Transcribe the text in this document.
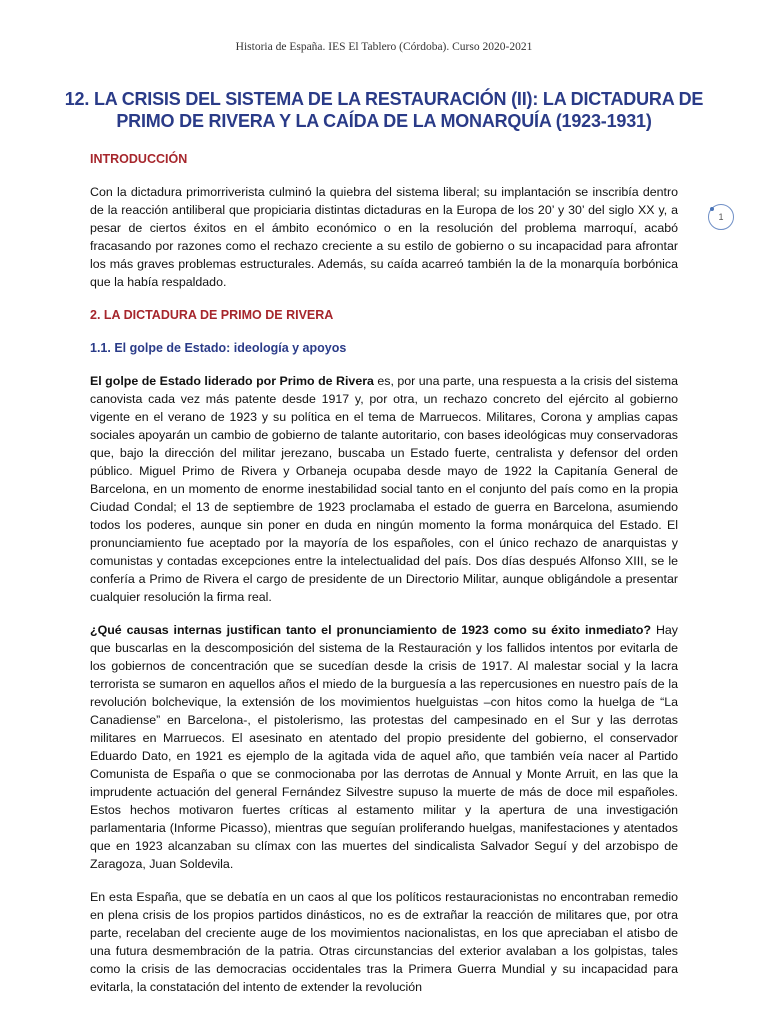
Historia de España. IES El Tablero (Córdoba). Curso 2020-2021
12. LA CRISIS DEL SISTEMA DE LA RESTAURACIÓN (II): LA DICTADURA DE
PRIMO DE RIVERA Y LA CAÍDA DE LA MONARQUÍA (1923-1931)
1
INTRODUCCIÓN

Con la dictadura primorriverista culminó la quiebra del sistema liberal; su implantación se inscribía dentro de la reacción antiliberal que propiciaria distintas dictaduras en la Europa de los 20’ y 30’ del siglo XX y, a pesar de ciertos éxitos en el ámbito económico o en la resolución del problema marroquí, acabó fracasando por razones como el rechazo creciente a su estilo de gobierno o su incapacidad para afrontar los más graves problemas estructurales. Además, su caída acarreó también la de la monarquía borbónica que la había respaldado.

2. LA DICTADURA DE PRIMO DE RIVERA
1.1. El golpe de Estado: ideología y apoyos

El golpe de Estado liderado por Primo de Rivera es, por una parte, una respuesta a la crisis del sistema canovista cada vez más patente desde 1917 y, por otra, un rechazo concreto del ejército al gobierno vigente en el verano de 1923 y su política en el tema de Marruecos. Militares, Corona y amplias capas sociales apoyarán un cambio de gobierno de talante autoritario, con bases ideológicas muy conservadoras que, bajo la dirección del militar jerezano, buscaba un Estado fuerte, centralista y defensor del orden público. Miguel Primo de Rivera y Orbaneja ocupaba desde mayo de 1922 la Capitanía General de Barcelona, en un momento de enorme inestabilidad social tanto en el conjunto del país como en la propia Ciudad Condal; el 13 de septiembre de 1923 proclamaba el estado de guerra en Barcelona, asumiendo todos los poderes, aunque sin poner en duda en ningún momento la forma monárquica del Estado. El pronunciamiento fue aceptado por la mayoría de los españoles, con el único rechazo de anarquistas y comunistas y contadas excepciones entre la intelectualidad del país. Dos días después Alfonso XIII, se le confería a Primo de Rivera el cargo de presidente de un Directorio Militar, aunque obligándole a presentar cualquier resolución la firma real.

¿Qué causas internas justifican tanto el pronunciamiento de 1923 como su éxito inmediato? Hay que buscarlas en la descomposición del sistema de la Restauración y los fallidos intentos por evitarla de los gobiernos de concentración que se sucedían desde la crisis de 1917. Al malestar social y la lacra terrorista se sumaron en aquellos años el miedo de la burguesía a las repercusiones en nuestro país de la revolución bolchevique, la extensión de los movimientos huelguistas –con hitos como la huelga de “La Canadiense” en Barcelona-, el pistolerismo, las protestas del campesinado en el Sur y las derrotas militares en Marruecos. El asesinato en atentado del propio presidente del gobierno, el conservador Eduardo Dato, en 1921 es ejemplo de la agitada vida de aquel año, que también veía nacer al Partido Comunista de España o que se conmocionaba por las derrotas de Annual y Monte Arruit, en las que la imprudente actuación del general Fernández Silvestre supuso la muerte de más de doce mil españoles. Estos hechos motivaron fuertes críticas al estamento militar y la apertura de una investigación parlamentaria (Informe Picasso), mientras que seguían proliferando huelgas, manifestaciones y atentados que en 1923 alcanzaban su clímax con las muertes del sindicalista Salvador Seguí y del arzobispo de Zaragoza, Juan Soldevila.

En esta España, que se debatía en un caos al que los políticos restauracionistas no encontraban remedio en plena crisis de los propios partidos dinásticos, no es de extrañar la reacción de militares que, por otra parte, recelaban del creciente auge de los movimientos nacionalistas, en los que apreciaban el atisbo de una futura desmembración de la patria. Otras circunstancias del exterior avalaban a los golpistas, tales como la crisis de las democracias occidentales tras la Primera Guerra Mundial y su incapacidad para evitarla, la constatación del intento de extender la revolución
